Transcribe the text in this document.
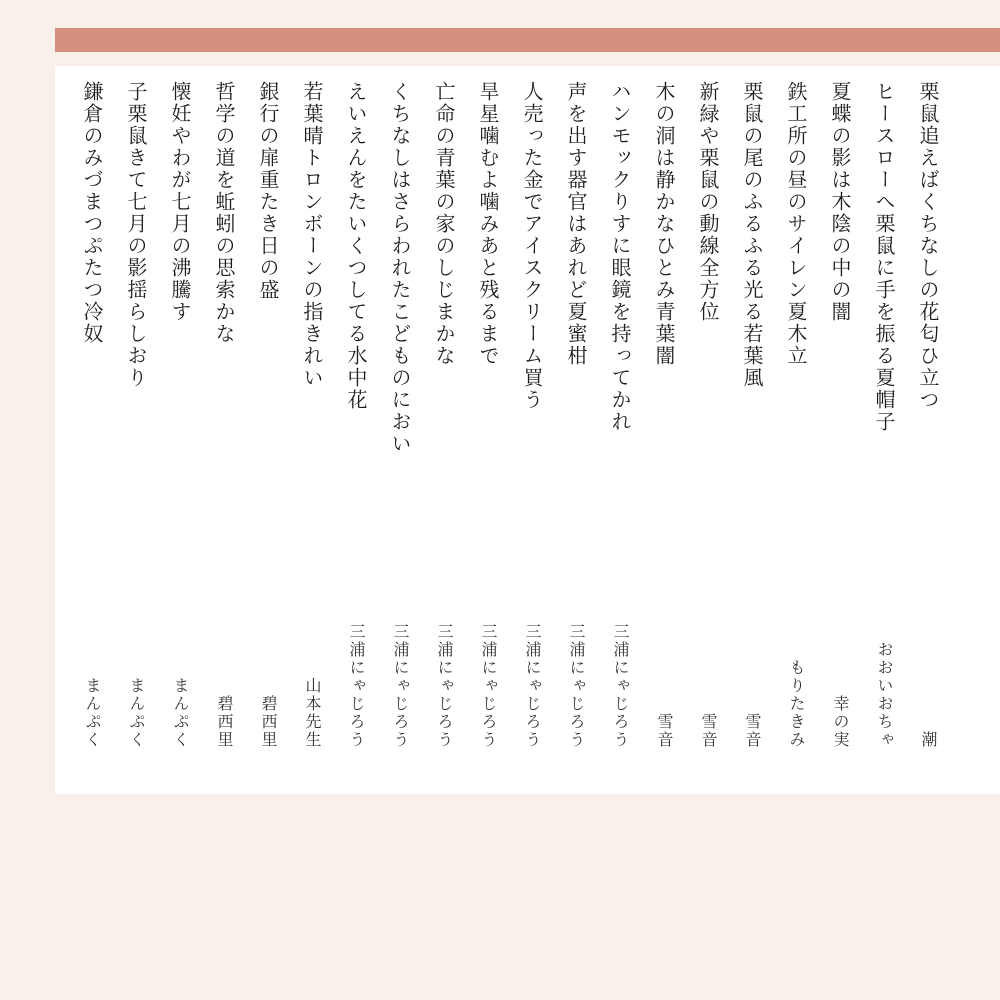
栗鼠追えばくちなしの花匂ひ立つ
潮
ヒースローへ栗鼠に手を振る夏帽子
おおいおちゃ
夏蝶の影は木陰の中の闇
幸の実
鉄工所の昼のサイレン夏木立
もりたきみ
栗鼠の尾のふるふる光る若葉風
雪音
新緑や栗鼠の動線全方位
雪音
木の洞は静かなひとみ青葉闇
雪音
ハンモックりすに眼鏡を持ってかれ
三浦にゃじろう
声を出す器官はあれど夏蜜柑
三浦にゃじろう
人売った金でアイスクリーム買う
三浦にゃじろう
旱星噛むよ噛みあと残るまで
三浦にゃじろう
亡命の青葉の家のしじまかな
三浦にゃじろう
くちなしはさらわれたこどものにおい
三浦にゃじろう
えいえんをたいくつしてる水中花
三浦にゃじろう
若葉晴トロンボーンの指きれい
山本先生
銀行の扉重たき日の盛
碧西里
哲学の道を蚯蚓の思索かな
碧西里
懐妊やわが七月の沸騰す
まんぷく
子栗鼠きて七月の影揺らしおり
まんぷく
鎌倉のみづまつぷたつ冷奴
まんぷく
